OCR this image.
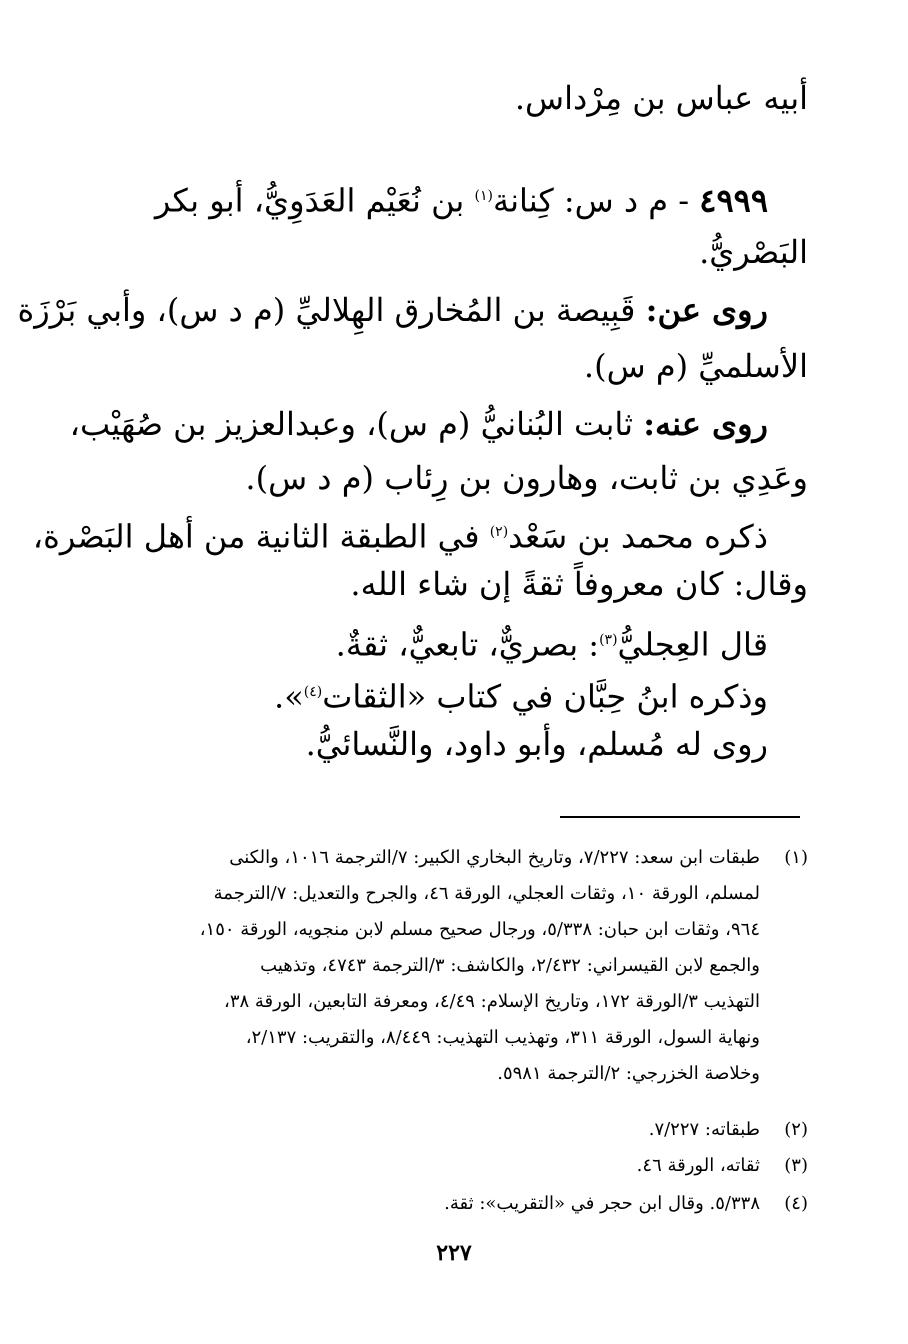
أبيه عباس بن مِرْداس.
٤٩٩٩ - م د س: كِنانة$^{(١)}$ بن نُعَيْم العَدَوِيُّ، أبو بكر
البَصْريُّ.
روى عن: قَبِيصة بن المُخارق الهِلاليِّ (م د س)، وأبي بَرْزَة
الأسلميِّ (م س).
روى عنه: ثابت البُنانيُّ (م س)، وعبدالعزيز بن صُهَيْب،
وعَدِي بن ثابت، وهارون بن رِئاب (م د س).
ذكره محمد بن سَعْد$^{(٢)}$ في الطبقة الثانية من أهل البَصْرة،
وقال: كان معروفاً ثقةً إن شاء الله.
قال العِجليُّ$^{(٣)}$: بصريٌّ، تابعيٌّ، ثقةٌ.
وذكره ابنُ حِبَّان في كتاب «الثقات$^{(٤)}$».
روى له مُسلم، وأبو داود، والنَّسائيُّ.
(١)طبقات ابن سعد: ٧/٢٢٧، وتاريخ البخاري الكبير: ٧/الترجمة ١٠١٦، والكنى
لمسلم، الورقة ١٠، وثقات العجلي، الورقة ٤٦، والجرح والتعديل: ٧/الترجمة
٩٦٤، وثقات ابن حبان: ٥/٣٣٨، ورجال صحيح مسلم لابن منجويه، الورقة ١٥٠،
والجمع لابن القيسراني: ٢/٤٣٢، والكاشف: ٣/الترجمة ٤٧٤٣، وتذهيب
التهذيب ٣/الورقة ١٧٢، وتاريخ الإسلام: ٤/٤٩، ومعرفة التابعين، الورقة ٣٨،
ونهاية السول، الورقة ٣١١، وتهذيب التهذيب: ٨/٤٤٩، والتقريب: ٢/١٣٧،
وخلاصة الخزرجي: ٢/الترجمة ٥٩٨١.
(٢)طبقاته: ٧/٢٢٧.
(٣)ثقاته، الورقة ٤٦.
(٤)٥/٣٣٨. وقال ابن حجر في «التقريب»: ثقة.
٢٢٧
